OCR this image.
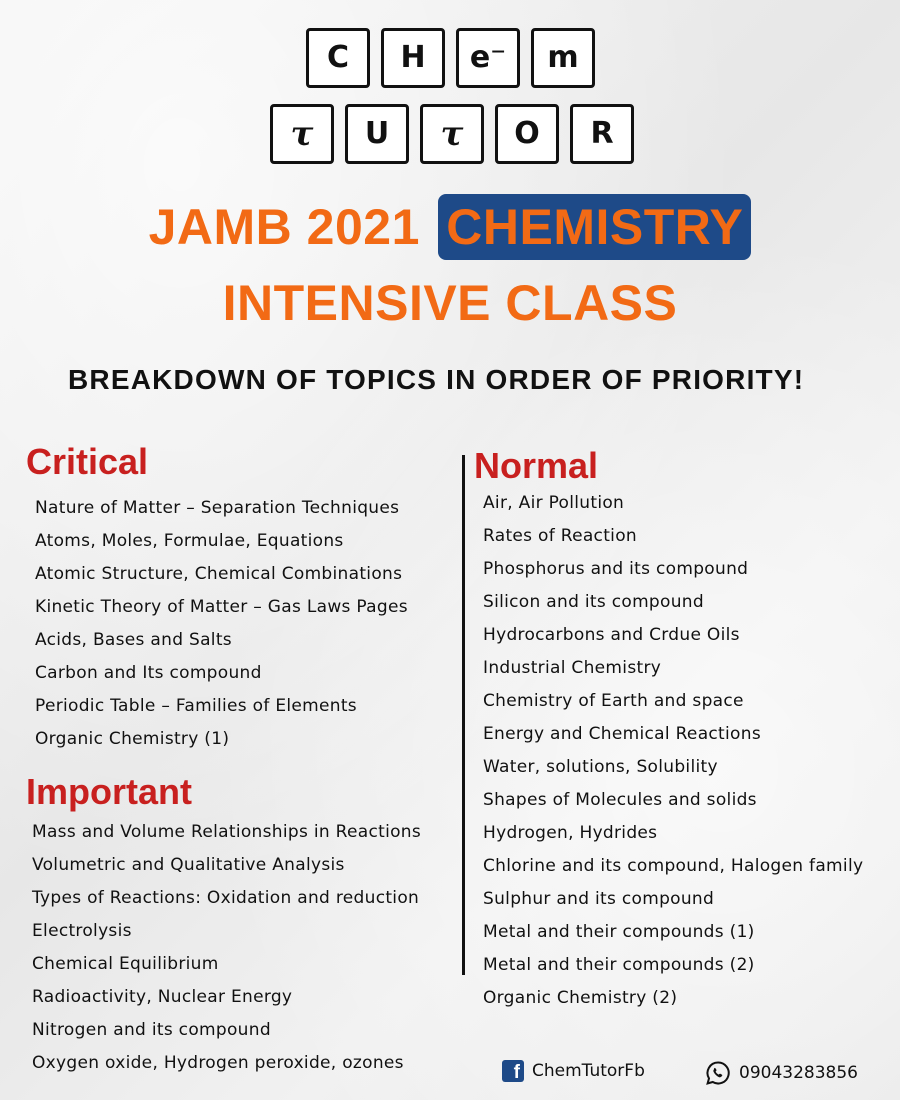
C	H	e⁻	m
τ	U	τ	O	R
JAMB 2021 CHEMISTRY
INTENSIVE CLASS
BREAKDOWN OF TOPICS IN ORDER OF PRIORITY!
Critical
Nature of Matter – Separation Techniques
Atoms, Moles, Formulae, Equations
Atomic Structure, Chemical Combinations
Kinetic Theory of Matter – Gas Laws Pages
Acids, Bases and Salts
Carbon and Its compound
Periodic Table – Families of Elements
Organic Chemistry (1)
Important
Mass and Volume Relationships in Reactions
Volumetric and Qualitative Analysis
Types of Reactions: Oxidation and reduction
Electrolysis
Chemical Equilibrium
Radioactivity, Nuclear Energy
Nitrogen and its compound
Oxygen oxide, Hydrogen peroxide, ozones
Normal
Air, Air Pollution
Rates of Reaction
Phosphorus and its compound
Silicon and its compound
Hydrocarbons and Crdue Oils
Industrial Chemistry
Chemistry of Earth and space
Energy and Chemical Reactions
Water, solutions, Solubility
Shapes of Molecules and solids
Hydrogen, Hydrides
Chlorine and its compound, Halogen family
Sulphur and its compound
Metal and their compounds (1)
Metal and their compounds (2)
Organic Chemistry (2)
f ChemTutorFb	09043283856
